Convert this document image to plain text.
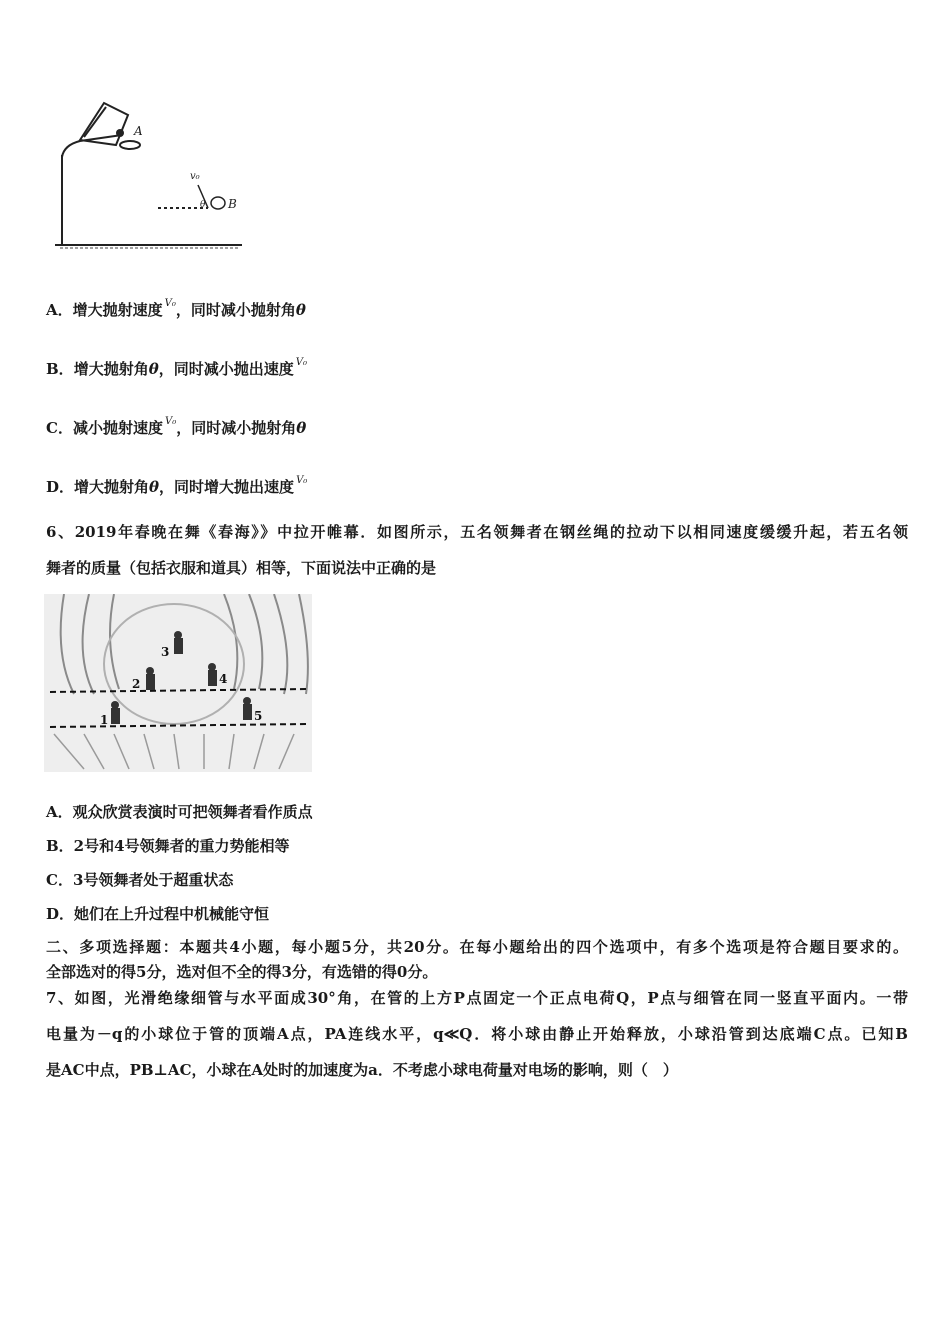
A
v₀
θ B
A．增大抛射速度 $^{V_0}$，同时减小抛射角θ
B．增大抛射角θ，同时减小抛出速度 $^{V_0}$
C．减小抛射速度 $^{V_0}$，同时减小抛射角θ
D．增大抛射角θ，同时增大抛出速度 $^{V_0}$
6、2019年春晚在舞《春海》》中拉开帷幕．如图所示，五名领舞者在钢丝绳的拉动下以相同速度缓缓升起，若五名领
舞者的质量（包括衣服和道具）相等，下面说法中正确的是
1
2
3
4
5
A．观众欣赏表演时可把领舞者看作质点
B．2号和4号领舞者的重力势能相等
C．3号领舞者处于超重状态
D．她们在上升过程中机械能守恒
二、多项选择题：本题共4小题，每小题5分，共20分。在每小题给出的四个选项中，有多个选项是符合题目要求的。
全部选对的得5分，选对但不全的得3分，有选错的得0分。
7、如图，光滑绝缘细管与水平面成30°角，在管的上方P点固定一个正点电荷Q，P点与细管在同一竖直平面内。一带
电量为－q的小球位于管的顶端A点，PA连线水平，q≪Q．将小球由静止开始释放，小球沿管到达底端C点。已知B
是AC中点，PB⊥AC，小球在A处时的加速度为a．不考虑小球电荷量对电场的影响，则（　）
